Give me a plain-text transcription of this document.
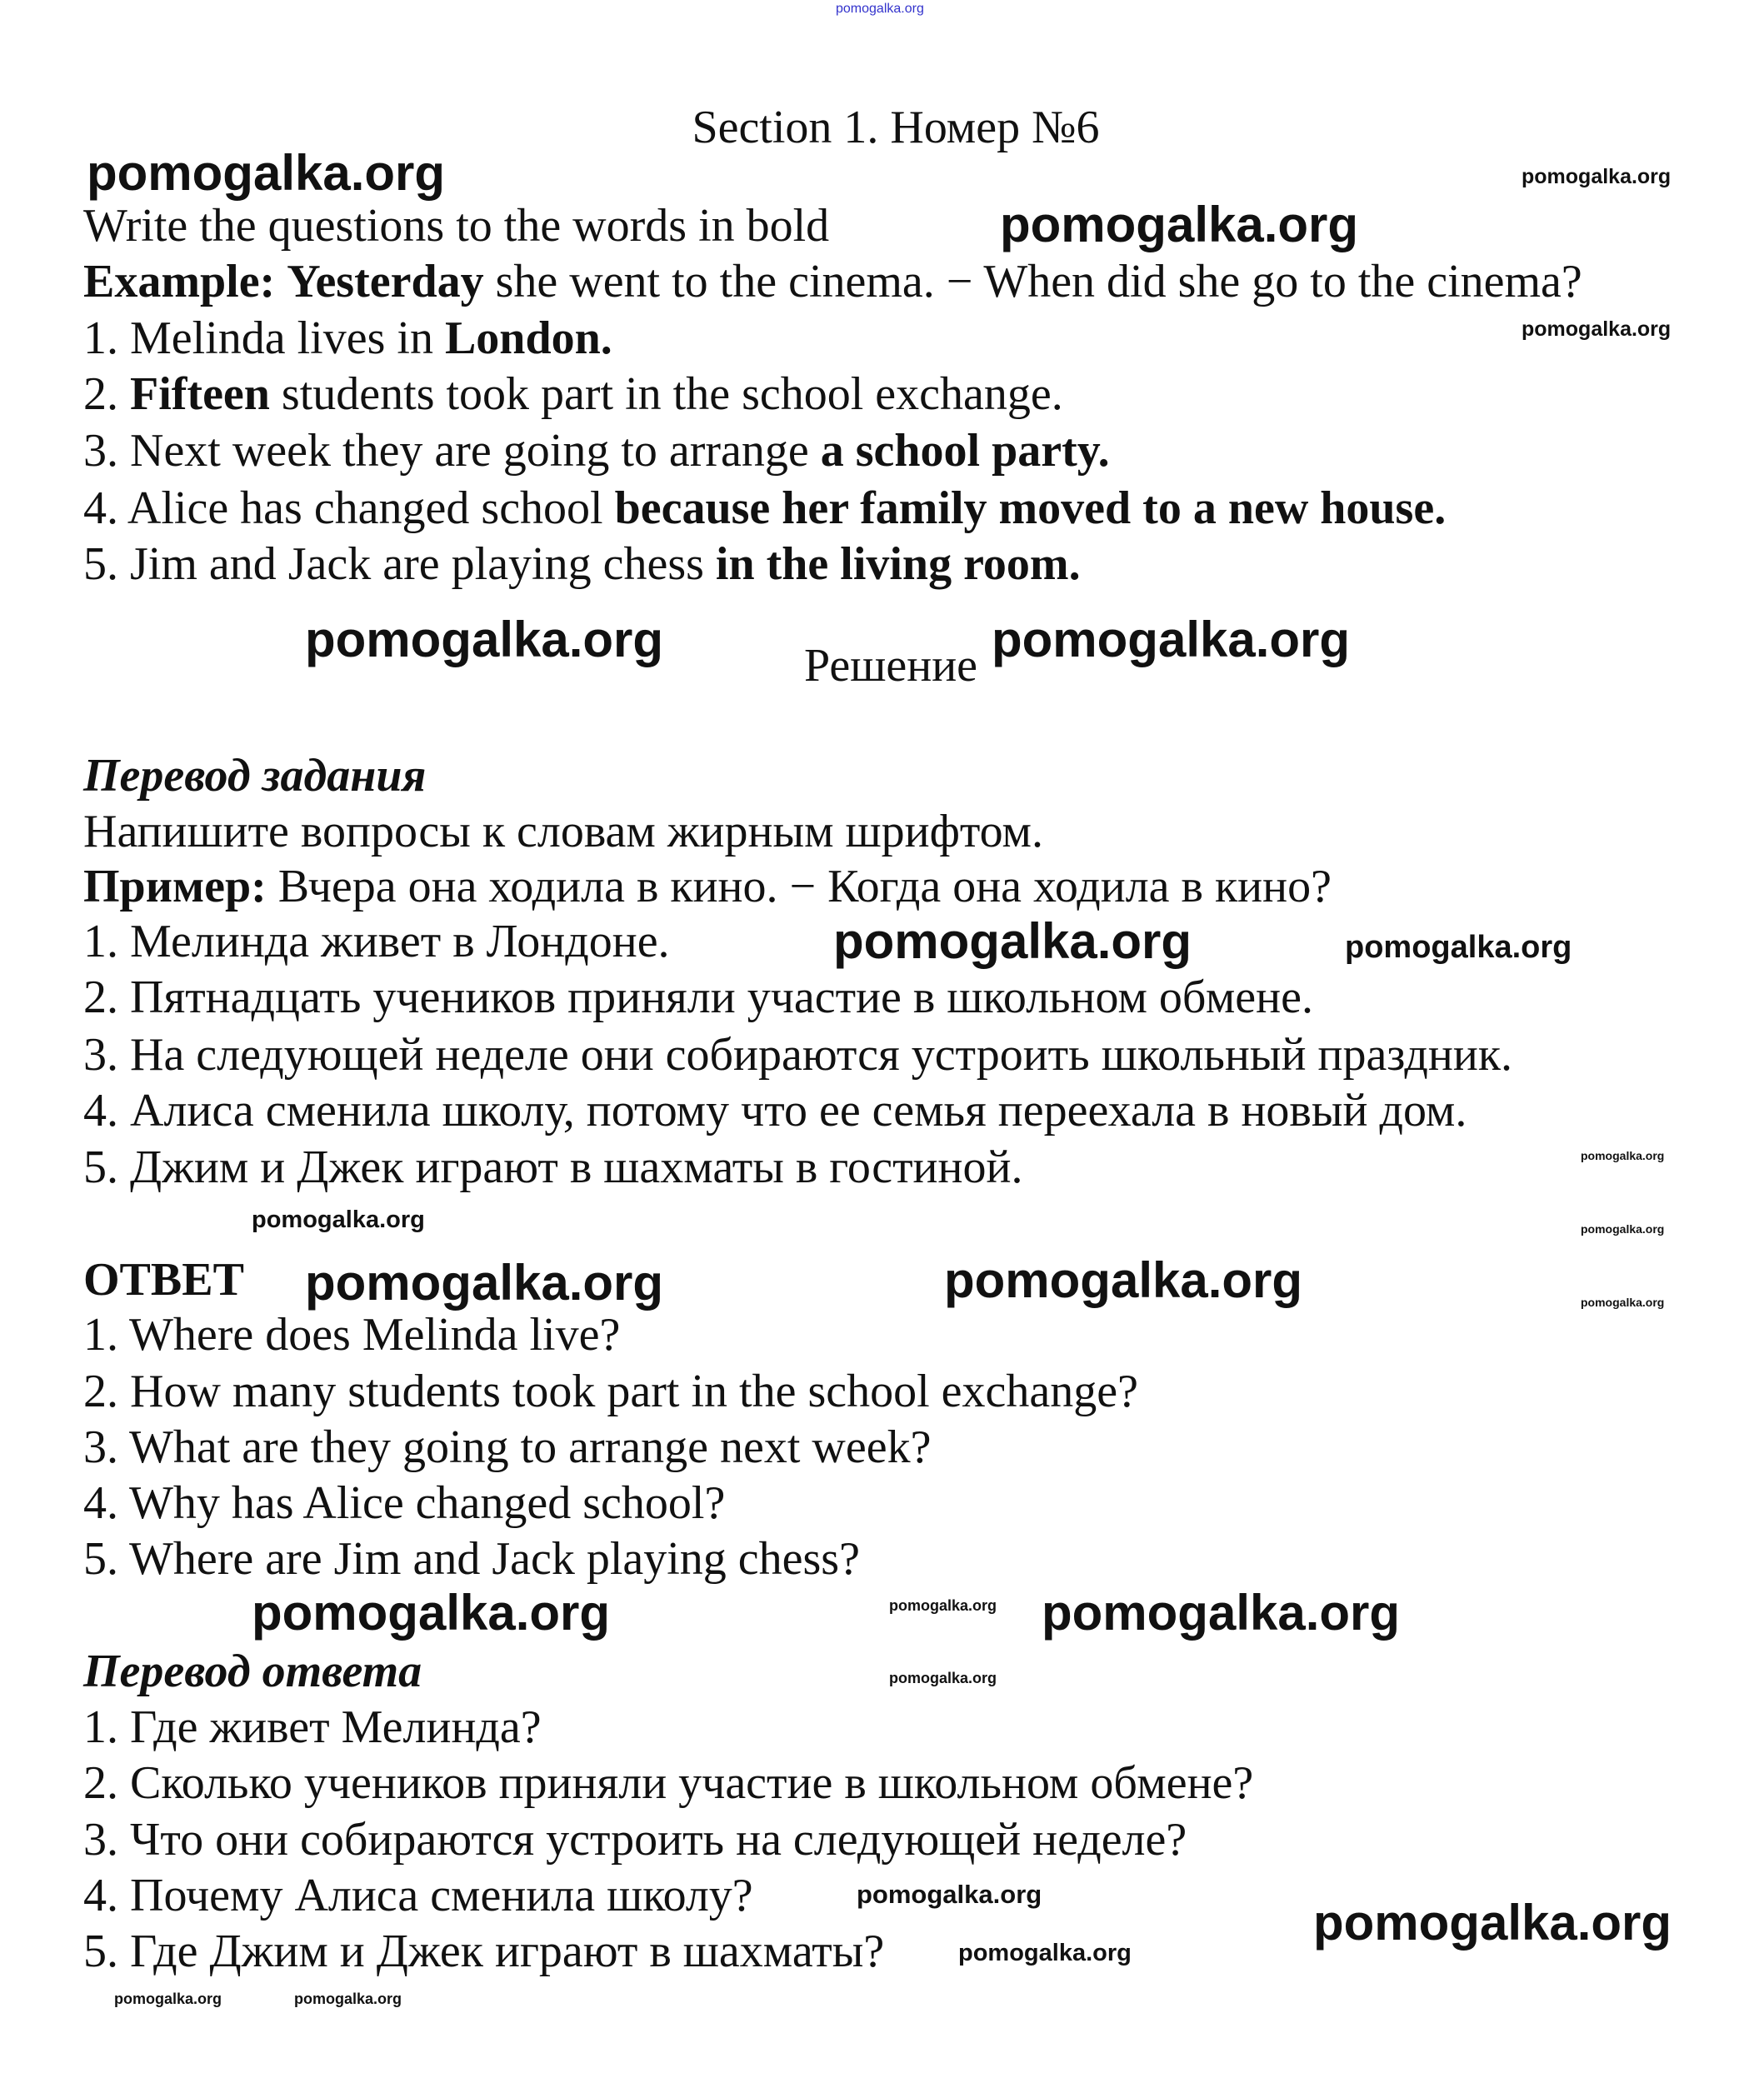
pomogalka.org
Section 1. Номер №6
Write the questions to the words in bold
Example: Yesterday she went to the cinema. − When did she go to the cinema?
1. Melinda lives in London.
2. Fifteen students took part in the school exchange.
3. Next week they are going to arrange a school party.
4. Alice has changed school because her family moved to a new house.
5. Jim and Jack are playing chess in the living room.
Решение
Перевод задания
Напишите вопросы к словам жирным шрифтом.
Пример: Вчера она ходила в кино. − Когда она ходила в кино?
1. Мелинда живет в Лондоне.
2. Пятнадцать учеников приняли участие в школьном обмене.
3. На следующей неделе они собираются устроить школьный праздник.
4. Алиса сменила школу, потому что ее семья переехала в новый дом.
5. Джим и Джек играют в шахматы в гостиной.
ОТВЕТ
1. Where does Melinda live?
2. How many students took part in the school exchange?
3. What are they going to arrange next week?
4. Why has Alice changed school?
5. Where are Jim and Jack playing chess?
Перевод ответа
1. Где живет Мелинда?
2. Сколько учеников приняли участие в школьном обмене?
3. Что они собираются устроить на следующей неделе?
4. Почему Алиса сменила школу?
5. Где Джим и Джек играют в шахматы?
pomogalka.org
pomogalka.org
pomogalka.org	pomogalka.org
pomogalka.org
pomogalka.org	pomogalka.org
pomogalka.org	pomogalka.org
pomogalka.org
pomogalka.org
pomogalka.org
pomogalka.org
pomogalka.org
pomogalka.org
pomogalka.org
pomogalka.org
pomogalka.org
pomogalka.org	pomogalka.org
pomogalka.org
pomogalka.org
pomogalka.org
